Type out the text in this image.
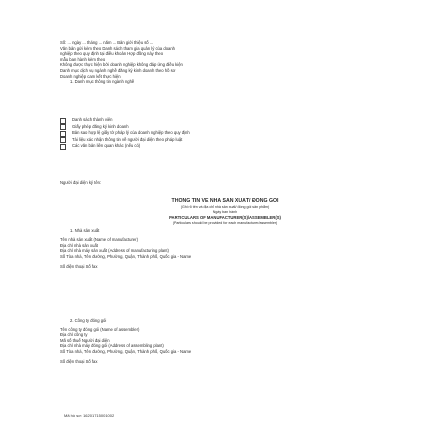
Số: ... ngày ... tháng ... năm ... Bản giới thiệu số ...
Văn bản gửi kèm theo Danh sách tham gia quản lý của doanh
nghiệp theo quy định tại điều khoản Hợp đồng này theo
mẫu ban hành kèm theo
Không được thực hiện bởi doanh nghiệp không đáp ứng điều kiện
Danh mục dịch vụ ngành nghề đăng ký kinh doanh theo hồ sơ
Doanh nghiệp cam kết thực hiện
1. Danh mục thông tin ngành nghề
Danh sách thành viên
Giấy phép đăng ký kinh doanh
Bản sao hợp lệ giấy tờ pháp lý của doanh nghiệp theo quy định
Tài liệu xác nhận thông tin về người đại diện theo pháp luật
Các văn bản liên quan khác (nếu có)
Người đại diện ký tên:
THÔNG TIN VỀ NHÀ SẢN XUẤT/ ĐÓNG GÓI
(Ghi rõ tên và địa chỉ nhà sản xuất/ đóng gói sản phẩm)
Ngày ban hành
PARTICULARS OF MANUFACTURER(S)/ASSEMBLER(S)
(Particulars should be provided for each manufacturer/assembler)
1. Nhà sản xuất
Tên nhà sản xuất (Name of manufacturer)
Địa chỉ nhà sản xuất
Địa chỉ nhà máy sản xuất (Address of manufacturing plant)
Số Tòa nhà, Tên đường, Phường, Quận, Thành phố, Quốc gia - Name
Số điện thoại Số fax
2. Công ty đóng gói
Tên công ty đóng gói (Name of assembler)
Địa chỉ công ty
Mã số thuế Người đại diện
Địa chỉ nhà máy đóng gói (Address of assembling plant)
Số Tòa nhà, Tên đường, Phường, Quận, Thành phố, Quốc gia - Name
Số điện thoại Số fax
Mã hồ sơ: 16201715001002
